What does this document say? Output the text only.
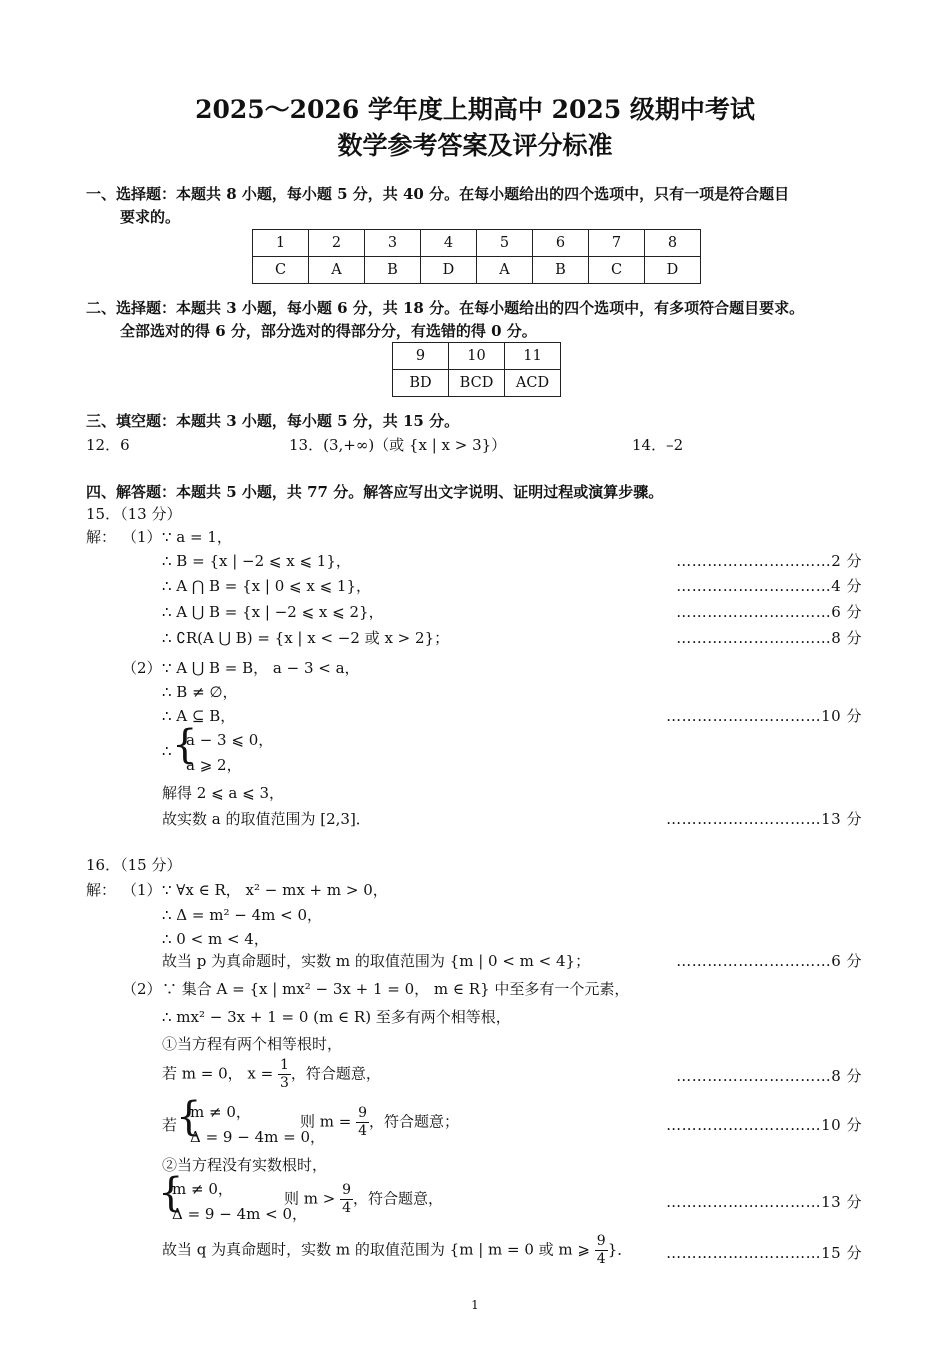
2025～2026 学年度上期高中 2025 级期中考试
数学参考答案及评分标准
一、选择题：本题共 8 小题，每小题 5 分，共 40 分。在每小题给出的四个选项中，只有一项是符合题目
要求的。
1	2	3	4	5	6	7	8
C	A	B	D	A	B	C	D
二、选择题：本题共 3 小题，每小题 6 分，共 18 分。在每小题给出的四个选项中，有多项符合题目要求。
全部选对的得 6 分，部分选对的得部分分，有选错的得 0 分。
9	10	11
BD	BCD	ACD
三、填空题：本题共 3 小题，每小题 5 分，共 15 分。
12．6	13．(3,+∞)（或 {x | x > 3}）	14．–2
四、解答题：本题共 5 小题，共 77 分。解答应写出文字说明、证明过程或演算步骤。
15．（13 分）
解： （1） ∵ a = 1，
∴ B = {x | −2 ⩽ x ⩽ 1}，	…………………………2 分
∴ A ⋂ B = {x | 0 ⩽ x ⩽ 1}，	…………………………4 分
∴ A ⋃ B = {x | −2 ⩽ x ⩽ 2}，	…………………………6 分
∴ ∁R(A ⋃ B) = {x | x < −2 或 x > 2}；	…………………………8 分
（2） ∵ A ⋃ B = B， a − 3 < a，
∴ B ≠ ∅，
∴ A ⊆ B，	…………………………10 分
∴ {
a − 3 ⩽ 0，
a ⩾ 2，
解得 2 ⩽ a ⩽ 3，
故实数 a 的取值范围为 [2,3]．	…………………………13 分
16．（15 分）
解： （1） ∵ ∀x ∈ R， x² − mx + m > 0，
∴ Δ = m² − 4m < 0，
∴ 0 < m < 4，
故当 p 为真命题时，实数 m 的取值范围为 {m | 0 < m < 4}；	…………………………6 分
（2） ∵ 集合 A = {x | mx² − 3x + 1 = 0， m ∈ R} 中至多有一个元素，
∴ mx² − 3x + 1 = 0 (m ∈ R) 至多有两个相等根，
①当方程有两个相等根时，
若 m = 0， $x = \frac{1}{3}$ ，符合题意，	…………………………8 分
若
{
m ≠ 0，
Δ = 9 − 4m = 0，
则 $m = \frac{9}{4}$ ，符合题意；	…………………………10 分
②当方程没有实数根时，
{
m ≠ 0，
Δ = 9 − 4m < 0，
则 $m > \frac{9}{4}$ ，符合题意，	…………………………13 分
故当 q 为真命题时，实数 m 的取值范围为 {m | m = 0 或 m ⩾ $\frac{9}{4}$ }． …………………………15 分
1
